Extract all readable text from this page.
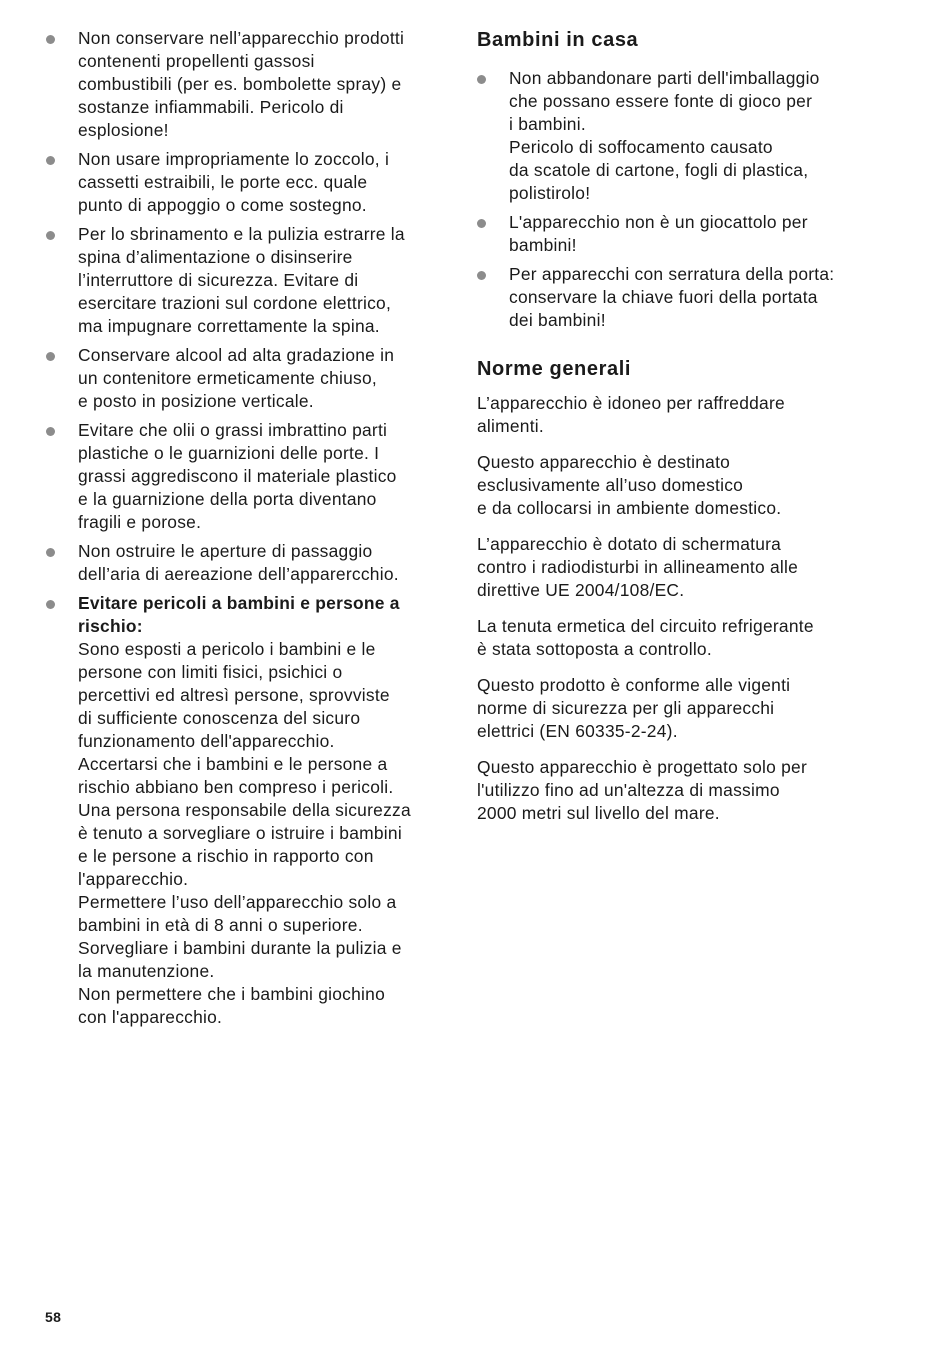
Non conservare nell’apparecchio prodotti
contenenti propellenti gassosi
combustibili (per es. bombolette spray) e
sostanze infiammabili. Pericolo di
esplosione!
Non usare impropriamente lo zoccolo, i
cassetti estraibili, le porte ecc. quale
punto di appoggio o come sostegno.
Per lo sbrinamento e la pulizia estrarre la
spina d’alimentazione o disinserire
l’interruttore di sicurezza. Evitare di
esercitare trazioni sul cordone elettrico,
ma impugnare correttamente la spina.
Conservare alcool ad alta gradazione in
un contenitore ermeticamente chiuso,
e posto in posizione verticale.
Evitare che olii o grassi imbrattino parti
plastiche o le guarnizioni delle porte. I
grassi aggrediscono il materiale plastico
e la guarnizione della porta diventano
fragili e porose.
Non ostruire le aperture di passaggio
dell’aria di aereazione dell’apparercchio.
Evitare pericoli a bambini e persone a
rischio:
Sono esposti a pericolo i bambini e le
persone con limiti fisici, psichici o
percettivi ed altresì persone, sprovviste
di sufficiente conoscenza del sicuro
funzionamento dell'apparecchio.
Accertarsi che i bambini e le persone a
rischio abbiano ben compreso i pericoli.
Una persona responsabile della sicurezza
è tenuto a sorvegliare o istruire i bambini
e le persone a rischio in rapporto con
l'apparecchio.
Permettere l’uso dell’apparecchio solo a
bambini in età di 8 anni o superiore.
Sorvegliare i bambini durante la pulizia e
la manutenzione.
Non permettere che i bambini giochino
con l'apparecchio.
Bambini in casa
Non abbandonare parti dell'imballaggio
che possano essere fonte di gioco per
i bambini.
Pericolo di soffocamento causato
da scatole di cartone, fogli di plastica,
polistirolo!
L'apparecchio non è un giocattolo per
bambini!
Per apparecchi con serratura della porta:
conservare la chiave fuori della portata
dei bambini!
Norme generali

L’apparecchio è idoneo per raffreddare
alimenti.

Questo apparecchio è destinato
esclusivamente all’uso domestico
e da collocarsi in ambiente domestico.

L’apparecchio è dotato di schermatura
contro i radiodisturbi in allineamento alle
direttive UE 2004/108/EC.

La tenuta ermetica del circuito refrigerante
è stata sottoposta a controllo.

Questo prodotto è conforme alle vigenti
norme di sicurezza per gli apparecchi
elettrici (EN 60335-2-24).

Questo apparecchio è progettato solo per
l'utilizzo fino ad un'altezza di massimo
2000 metri sul livello del mare.

58
